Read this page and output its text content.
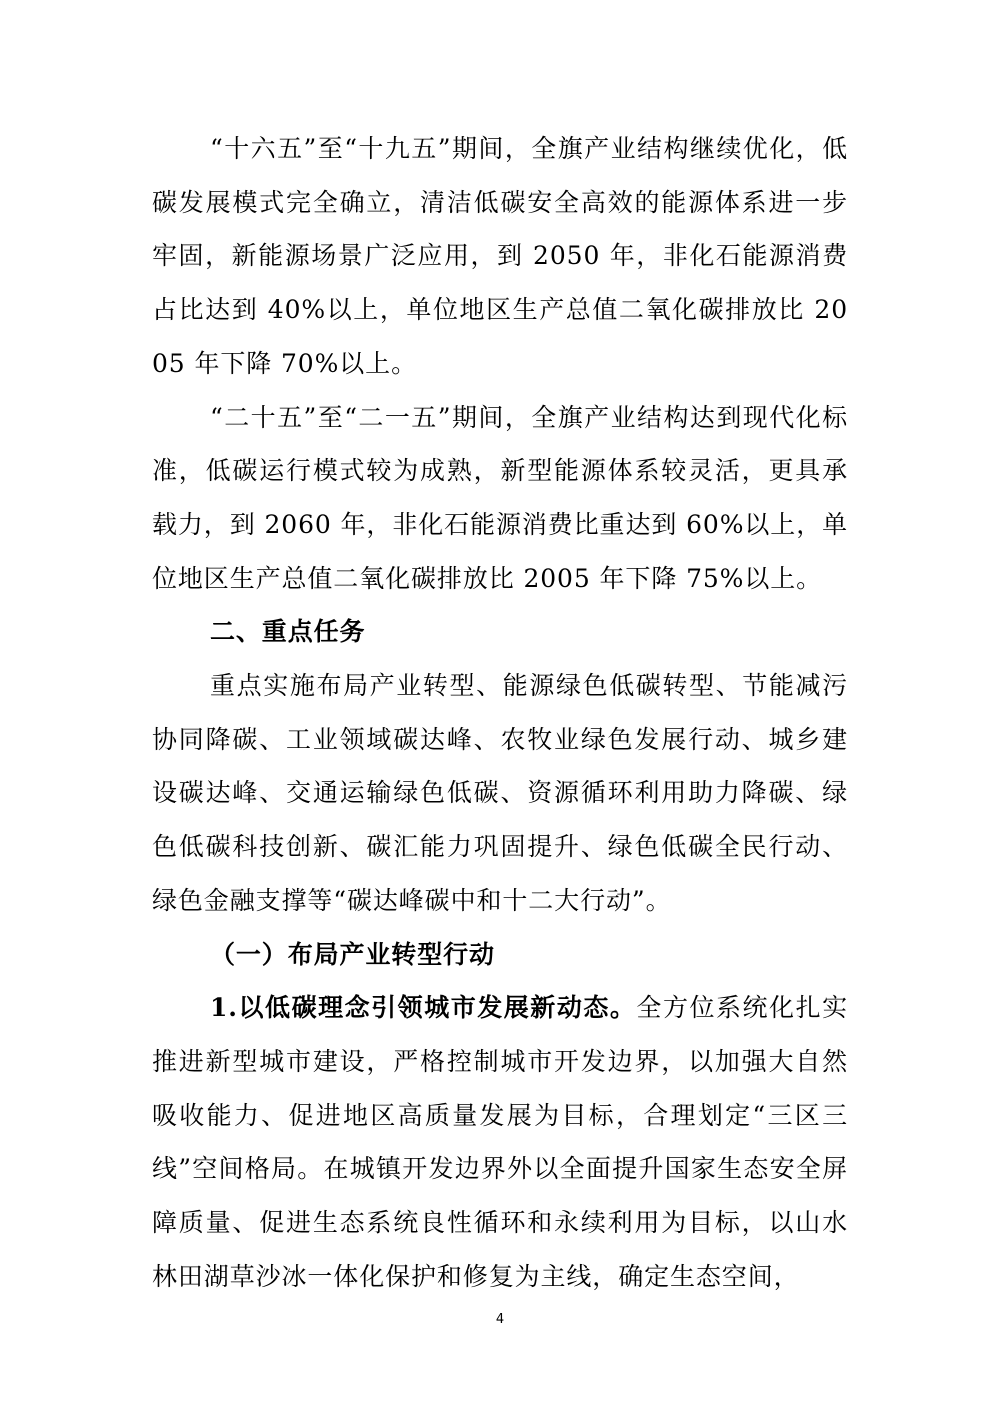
“十六五”至“十九五”期间，全旗产业结构继续优化，低碳发展模式完全确立，清洁低碳安全高效的能源体系进一步牢固，新能源场景广泛应用，到 2050 年，非化石能源消费占比达到 40%以上，单位地区生产总值二氧化碳排放比 2005 年下降 70%以上。

“二十五”至“二一五”期间，全旗产业结构达到现代化标准，低碳运行模式较为成熟，新型能源体系较灵活，更具承载力，到 2060 年，非化石能源消费比重达到 60%以上，单位地区生产总值二氧化碳排放比 2005 年下降 75%以上。

二、重点任务

重点实施布局产业转型、能源绿色低碳转型、节能减污协同降碳、工业领域碳达峰、农牧业绿色发展行动、城乡建设碳达峰、交通运输绿色低碳、资源循环利用助力降碳、绿色低碳科技创新、碳汇能力巩固提升、绿色低碳全民行动、绿色金融支撑等“碳达峰碳中和十二大行动”。

（一）布局产业转型行动

1.以低碳理念引领城市发展新动态。全方位系统化扎实推进新型城市建设，严格控制城市开发边界，以加强大自然吸收能力、促进地区高质量发展为目标，合理划定“三区三线”空间格局。在城镇开发边界外以全面提升国家生态安全屏障质量、促进生态系统良性循环和永续利用为目标，以山水林田湖草沙冰一体化保护和修复为主线，确定生态空间，

4
